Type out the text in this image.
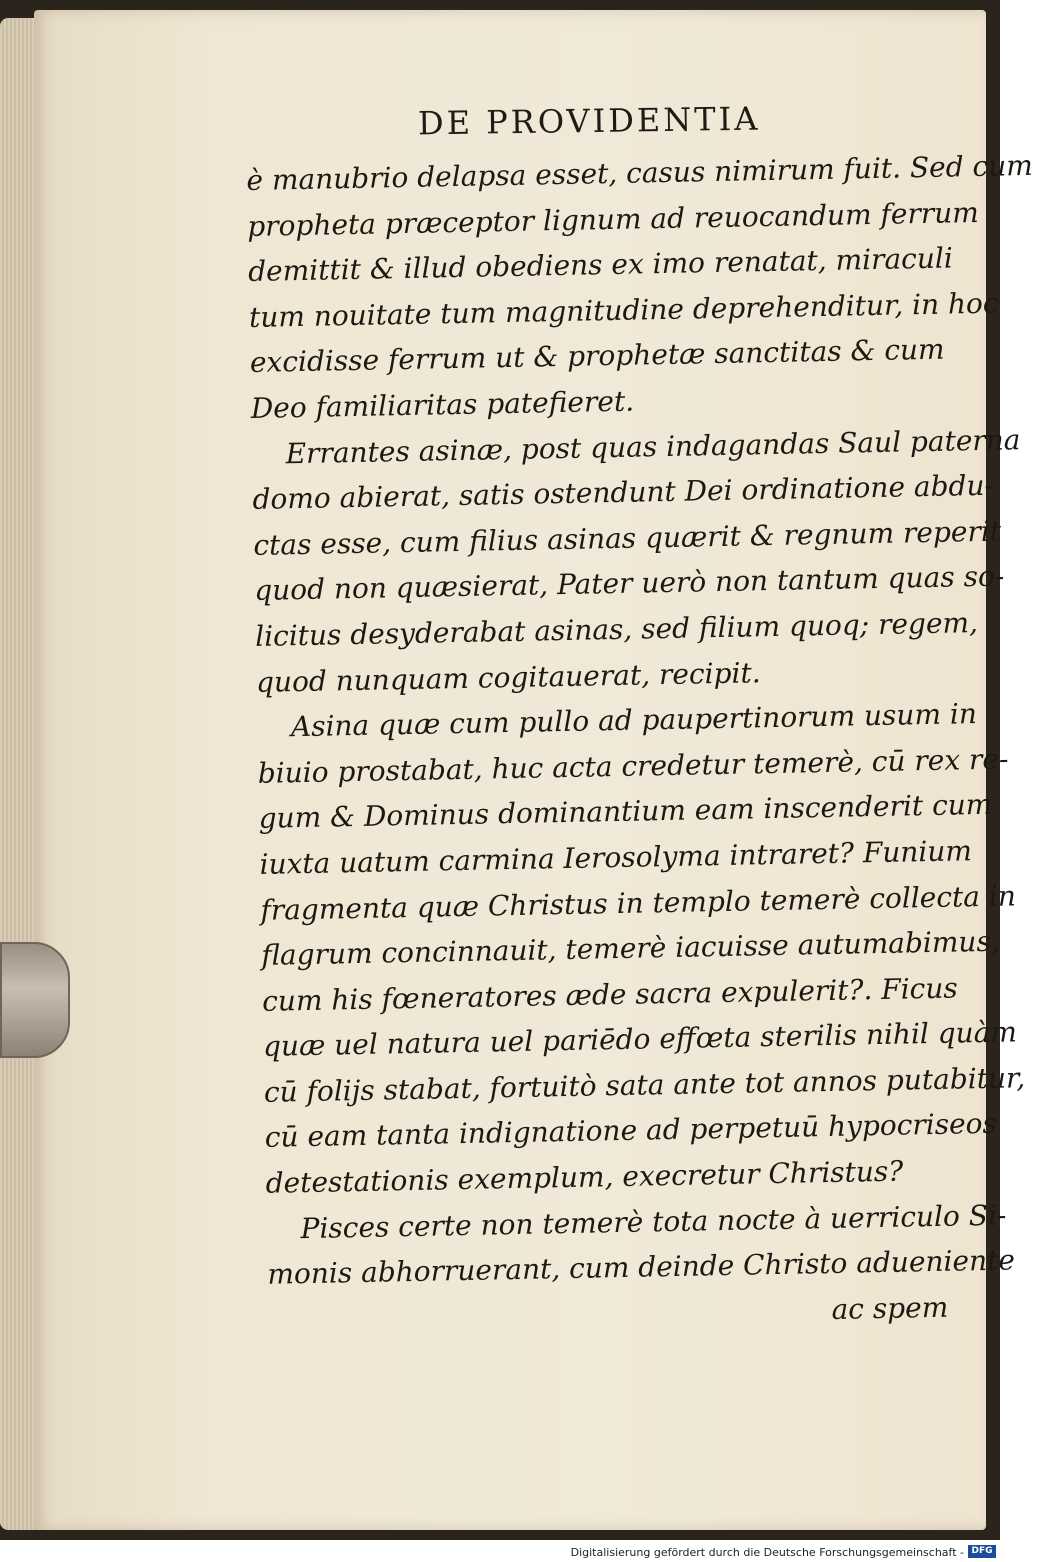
DE PROVIDENTIA
è manubrio delapsa esset, casus nimirum fuit. Sed cum
propheta præceptor lignum ad reuocandum ferrum
demittit & illud obediens ex imo renatat, miraculi
tum nouitate tum magnitudine deprehenditur, in hoc
excidisse ferrum ut & prophetæ sanctitas & cum
Deo familiaritas patefieret.
Errantes asinæ, post quas indagandas Saul paterna
domo abierat, satis ostendunt Dei ordinatione abdu-
ctas esse, cum filius asinas quærit & regnum reperit
quod non quæsierat, Pater uerò non tantum quas so-
licitus desyderabat asinas, sed filium quoq; regem,
quod nunquam cogitauerat, recipit.
Asina quæ cum pullo ad paupertinorum usum in
biuio prostabat, huc acta credetur temerè, cū rex re-
gum & Dominus dominantium eam inscenderit cum
iuxta uatum carmina Ierosolyma intraret? Funium
fragmenta quæ Christus in templo temerè collecta in
flagrum concinnauit, temerè iacuisse autumabimus,
cum his fœneratores æde sacra expulerit?. Ficus
quæ uel natura uel pariēdo effœta sterilis nihil quàm
cū folijs stabat, fortuitò sata ante tot annos putabitur,
cū eam tanta indignatione ad perpetuū hypocriseos
detestationis exemplum, execretur Christus?
Pisces certe non temerè tota nocte à uerriculo Si-
monis abhorruerant, cum deinde Christo adueniente
ac spem
Digitalisierung gefördert durch die Deutsche Forschungsgemeinschaft - DFG
